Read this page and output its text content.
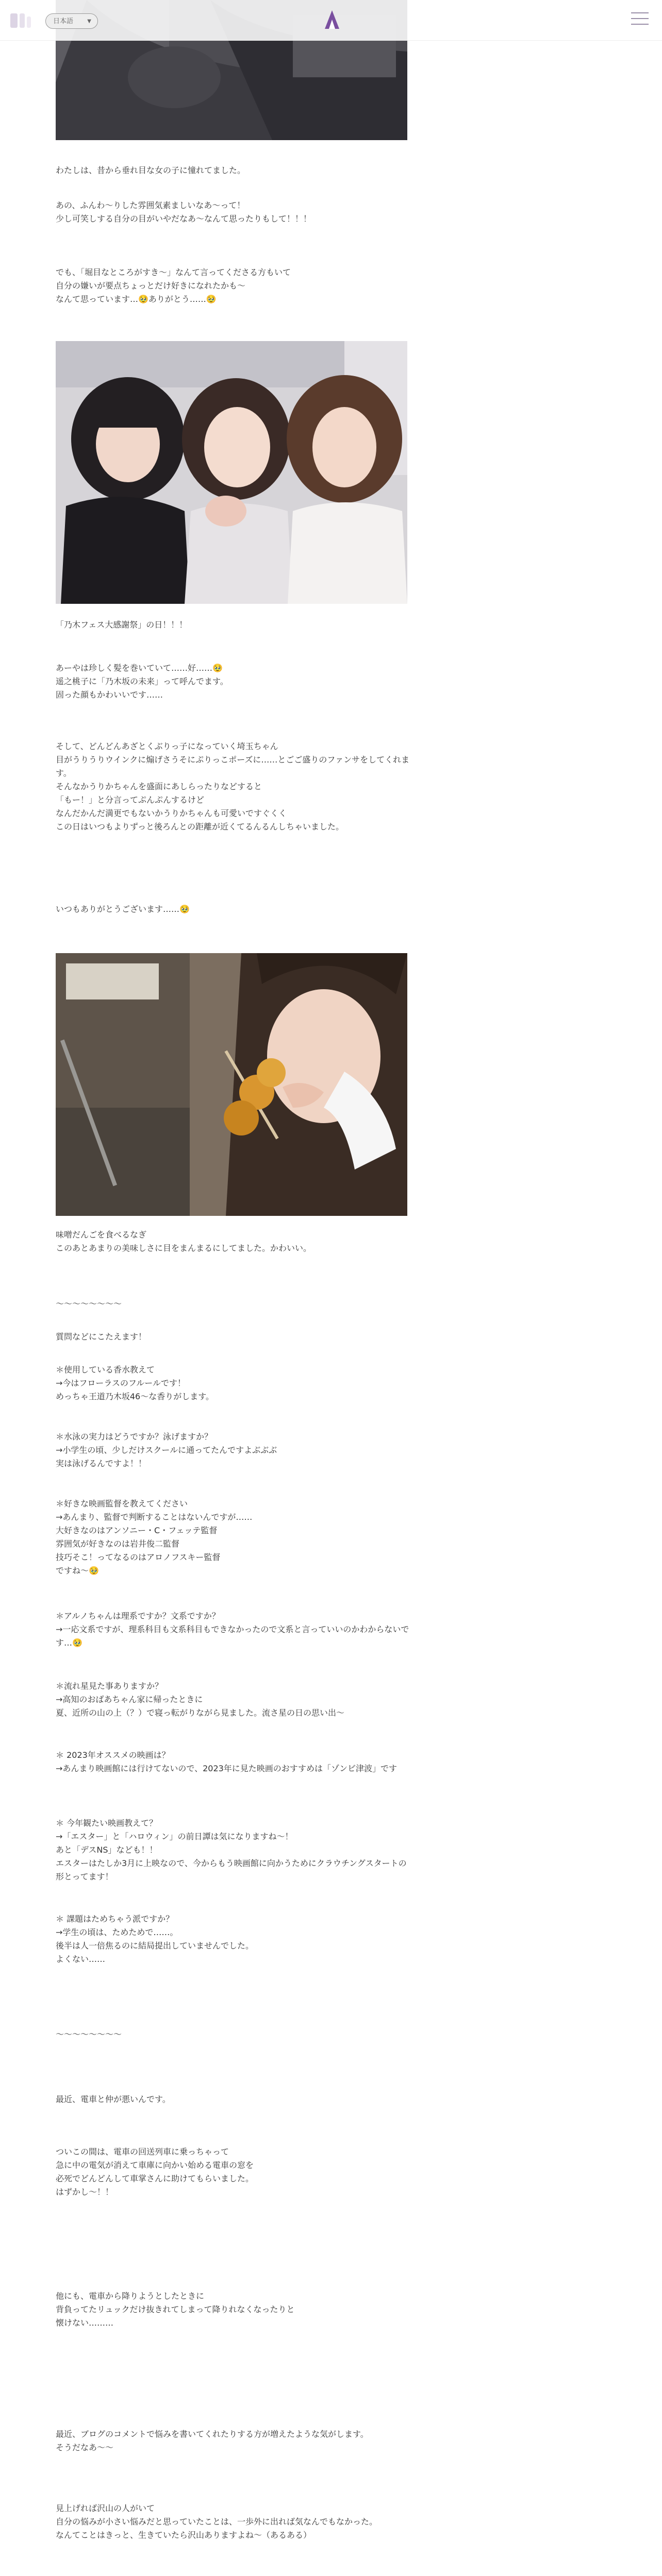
日本語	▼

わたしは、昔から垂れ目な女の子に憧れてました。

あの、ふんわ〜りした雰囲気素ましいなあ〜って！

少し可笑しする自分の目がいやだなあ〜なんて思ったりもして！！！

でも、「堀目なところがすき〜」なんて言ってくださる方もいて

自分の嫌いが要点ちょっとだけ好きになれたかも〜

なんて思っています…🥹ありがとう……🥹

「乃木フェス大感謝祭」の日！！！

あーやは珍しく髪を巻いていて……好……🥹

遥之桃子に「乃木坂の未来」って呼んでます。

固った顔もかわいいです……

そして、どんどんあざとくぶりっ子になっていく埼玉ちゃん

目がうりうりウインクに煽げさうそにぷりっこポーズに……とごご盛りのファンサをしてくれます。

そんなかうりかちゃんを盛面にあしらったりなどすると

「もー！」と分言ってぷんぷんするけど

なんだかんだ満更でもないかうりかちゃんも可愛いですぐくく

この日はいつもよりずっと後ろんとの距離が近くてるんるんしちゃいました。

いつもありがとうございます……🥹

味噌だんごを食べるなぎ

このあとあまりの美味しさに目をまんまるにしてました。かわいい。

〜〜〜〜〜〜〜〜

質問などにこたえます！

＊使用している香水教えて

→今はフローラスのフルールです！

めっちゃ王道乃木坂46〜な香りがします。

＊水泳の実力はどうですか？泳げますか？

→小学生の頃、少しだけスクールに通ってたんですよぶぶぶ

実は泳げるんですよ！！

＊好きな映画監督を教えてください

→あんまり、監督で判断することはないんですが……

大好きなのはアンソニー・C・フェッテ監督

雰囲気が好きなのは岩井俊二監督

技巧そこ！ってなるのはアロノフスキー監督

ですね〜🥹

＊アルノちゃんは理系ですか？文系ですか？

→一応文系ですが、理系科目も文系科目もできなかったので文系と言っていいのかわからないです…🥹

＊流れ星見た事ありますか？

→高知のおばあちゃん家に帰ったときに

夏、近所の山の上（？）で寝っ転がりながら見ました。流さ星の日の思い出〜

＊ 2023年オススメの映画は？

→あんまり映画館には行けてないので、2023年に見た映画のおすすめは「ゾンビ津波」です

＊ 今年観たい映画教えて？

→「エスター」と「ハロウィン」の前日譚は気になりますね〜！

あと「デスNS」なども！！

エスターはたしか3月に上映なので、今からもう映画館に向かうためにクラウチングスタートの形とってます！

＊ 課題はためちゃう派ですか？

→学生の頃は、ためためで……。

後半は人一倍焦るのに結局提出していませんでした。

よくない……

〜〜〜〜〜〜〜〜

最近、電車と仲が悪いんです。

ついこの間は、電車の回送列車に乗っちゃって

急に中の電気が消えて車庫に向かい始める電車の窓を

必死でどんどんして車掌さんに助けてもらいました。

はずかし〜！！

他にも、電車から降りようとしたときに

背負ってたリュックだけ抜きれてしまって降りれなくなったりと

懐けない………

最近、ブログのコメントで悩みを書いてくれたりする方が増えたような気がします。

そうだなあ〜〜

見上げれば沢山の人がいて

自分の悩みが小さい悩みだと思っていたことは、一歩外に出れば気なんでもなかった。

なんてことはきっと、生きていたら沢山ありますよね〜（あるある）
